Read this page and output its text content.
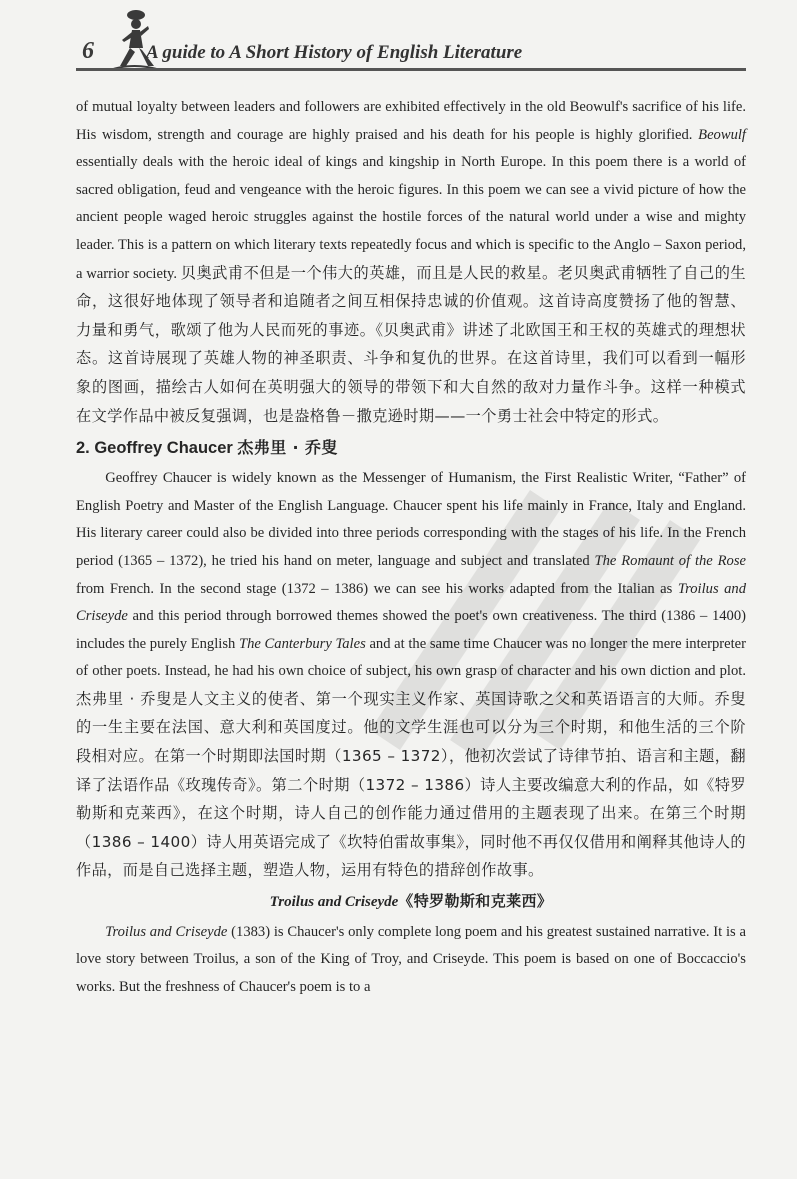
6	A guide to A Short History of English Literature

of mutual loyalty between leaders and followers are exhibited effectively in the old Beowulf's sacrifice of his life. His wisdom, strength and courage are highly praised and his death for his people is highly glorified. Beowulf essentially deals with the heroic ideal of kings and kingship in North Europe. In this poem there is a world of sacred obligation, feud and vengeance with the heroic figures. In this poem we can see a vivid picture of how the ancient people waged heroic struggles against the hostile forces of the natural world under a wise and mighty leader. This is a pattern on which literary texts repeatedly focus and which is specific to the Anglo – Saxon period, a warrior society. 贝奥武甫不但是一个伟大的英雄，而且是人民的救星。老贝奥武甫牺牲了自己的生命，这很好地体现了领导者和追随者之间互相保持忠诚的价值观。这首诗高度赞扬了他的智慧、力量和勇气，歌颂了他为人民而死的事迹。《贝奥武甫》讲述了北欧国王和王权的英雄式的理想状态。这首诗展现了英雄人物的神圣职责、斗争和复仇的世界。在这首诗里，我们可以看到一幅形象的图画，描绘古人如何在英明强大的领导的带领下和大自然的敌对力量作斗争。这样一种模式在文学作品中被反复强调，也是盎格鲁－撒克逊时期——一个勇士社会中特定的形式。

2. Geoffrey Chaucer 杰弗里 · 乔叟

Geoffrey Chaucer is widely known as the Messenger of Humanism, the First Realistic Writer, “Father” of English Poetry and Master of the English Language. Chaucer spent his life mainly in France, Italy and England. His literary career could also be divided into three periods corresponding with the stages of his life. In the French period (1365 – 1372), he tried his hand on meter, language and subject and translated The Romaunt of the Rose from French. In the second stage (1372 – 1386) we can see his works adapted from the Italian as Troilus and Criseyde and this period through borrowed themes showed the poet's own creativeness. The third (1386 – 1400) includes the purely English The Canterbury Tales and at the same time Chaucer was no longer the mere interpreter of other poets. Instead, he had his own choice of subject, his own grasp of character and his own diction and plot. 杰弗里 · 乔叟是人文主义的使者、第一个现实主义作家、英国诗歌之父和英语语言的大师。乔叟的一生主要在法国、意大利和英国度过。他的文学生涯也可以分为三个时期，和他生活的三个阶段相对应。在第一个时期即法国时期（1365 – 1372），他初次尝试了诗律节拍、语言和主题，翻译了法语作品《玫瑰传奇》。第二个时期（1372 – 1386）诗人主要改编意大利的作品，如《特罗勒斯和克莱西》，在这个时期，诗人自己的创作能力通过借用的主题表现了出来。在第三个时期（1386 – 1400）诗人用英语完成了《坎特伯雷故事集》，同时他不再仅仅借用和阐释其他诗人的作品，而是自己选择主题，塑造人物，运用有特色的措辞创作故事。

Troilus and Criseyde《特罗勒斯和克莱西》

Troilus and Criseyde (1383) is Chaucer's only complete long poem and his greatest sustained narrative. It is a love story between Troilus, a son of the King of Troy, and Criseyde. This poem is based on one of Boccaccio's works. But the freshness of Chaucer's poem is to a
